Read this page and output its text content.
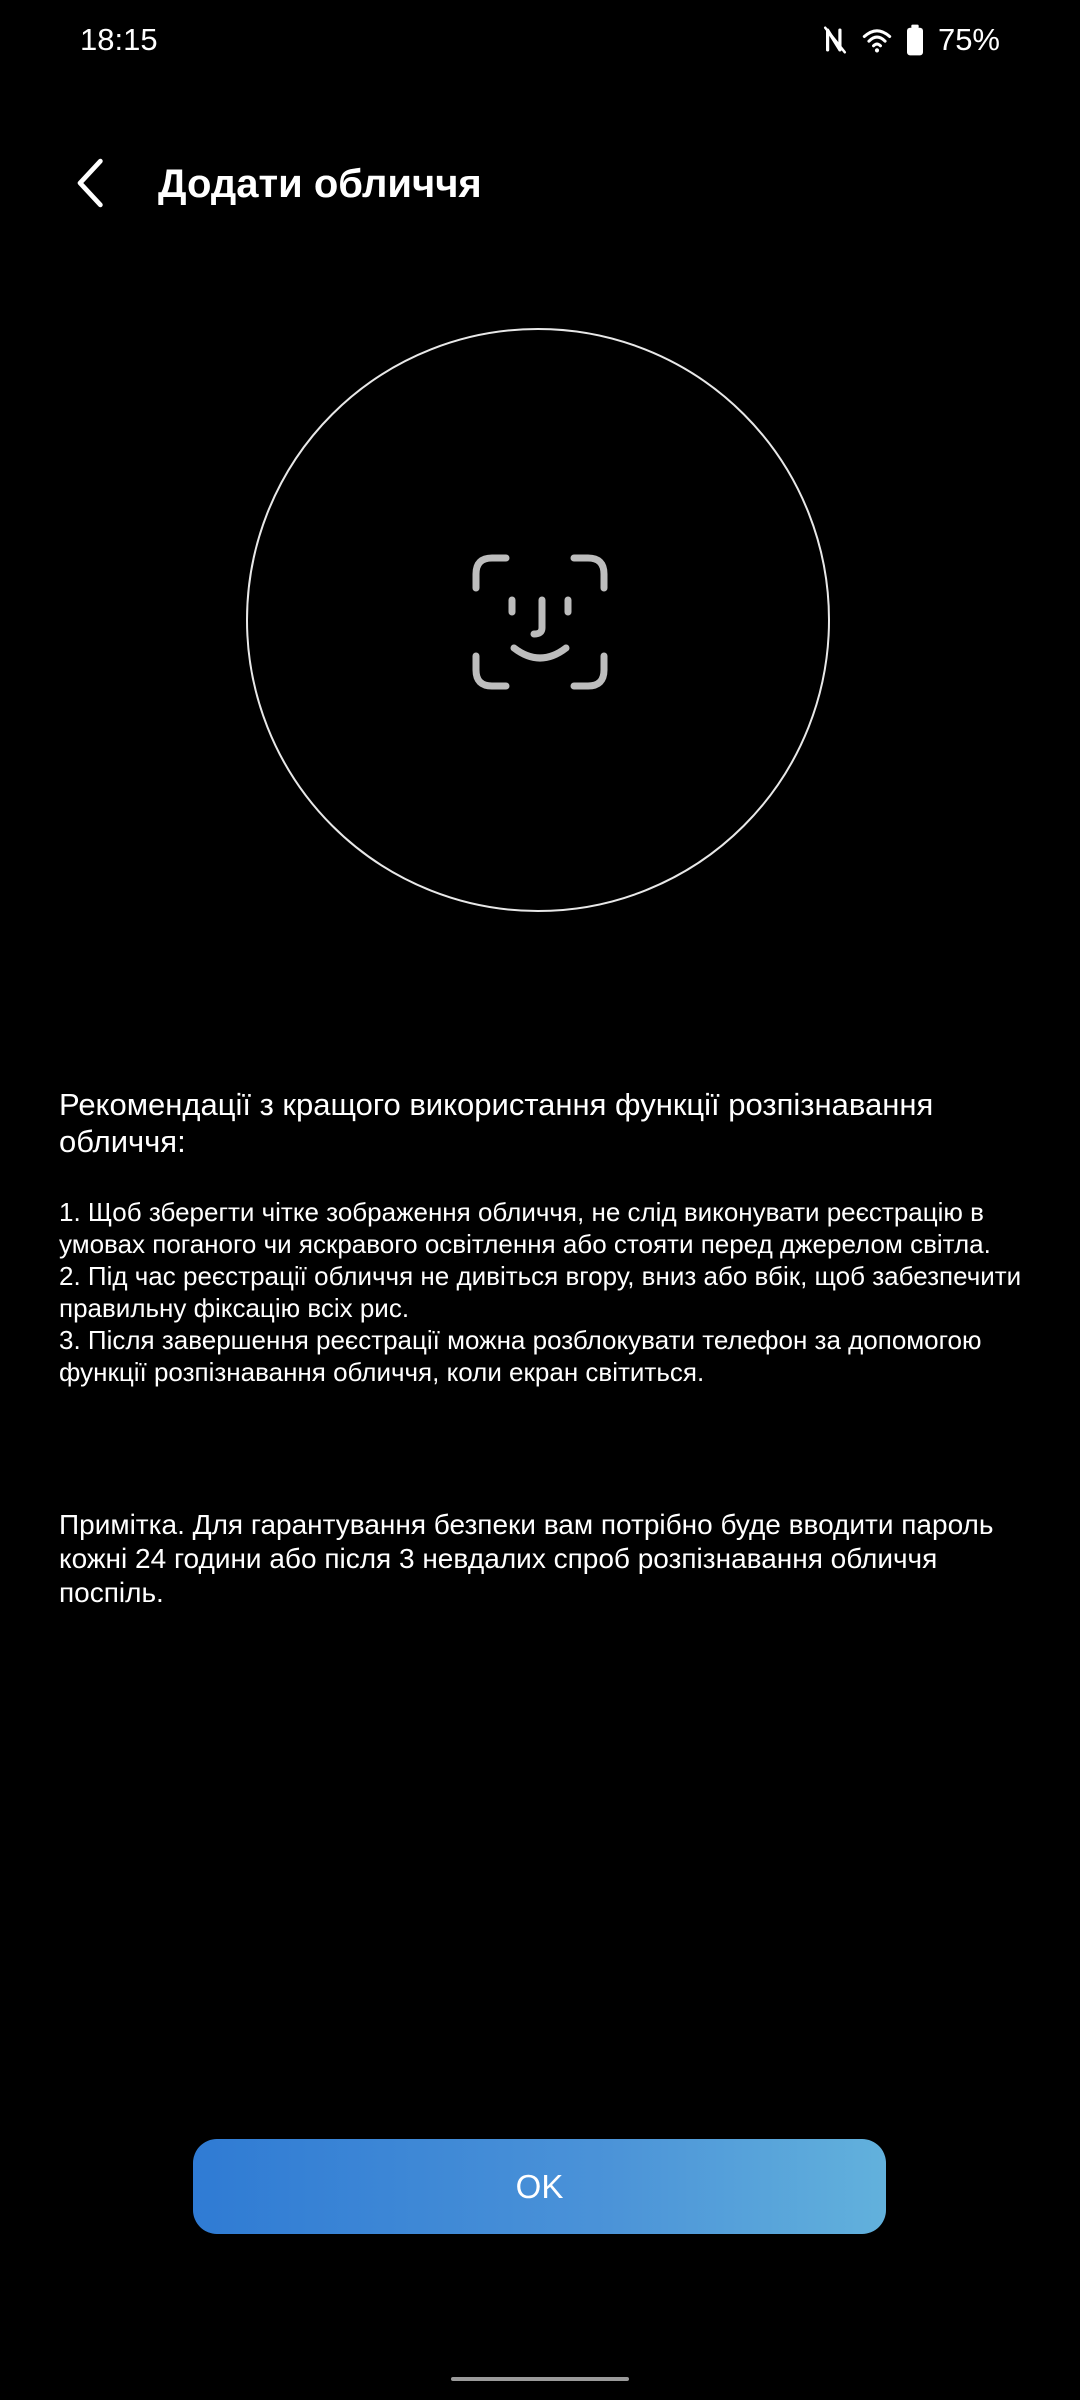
18:15	75%
Додати обличчя
Рекомендації з кращого використання функції розпізнавання обличчя:

1. Щоб зберегти чітке зображення обличчя, не слід виконувати реєстрацію в умовах поганого чи яскравого освітлення або стояти перед джерелом світла.

2. Під час реєстрації обличчя не дивіться вгору, вниз або вбік, щоб забезпечити правильну фіксацію всіх рис.

3. Після завершення реєстрації можна розблокувати телефон за допомогою функції розпізнавання обличчя, коли екран світиться.

Примітка. Для гарантування безпеки вам потрібно буде вводити пароль кожні 24 години або після 3 невдалих спроб розпізнавання обличчя поспіль.
OK
